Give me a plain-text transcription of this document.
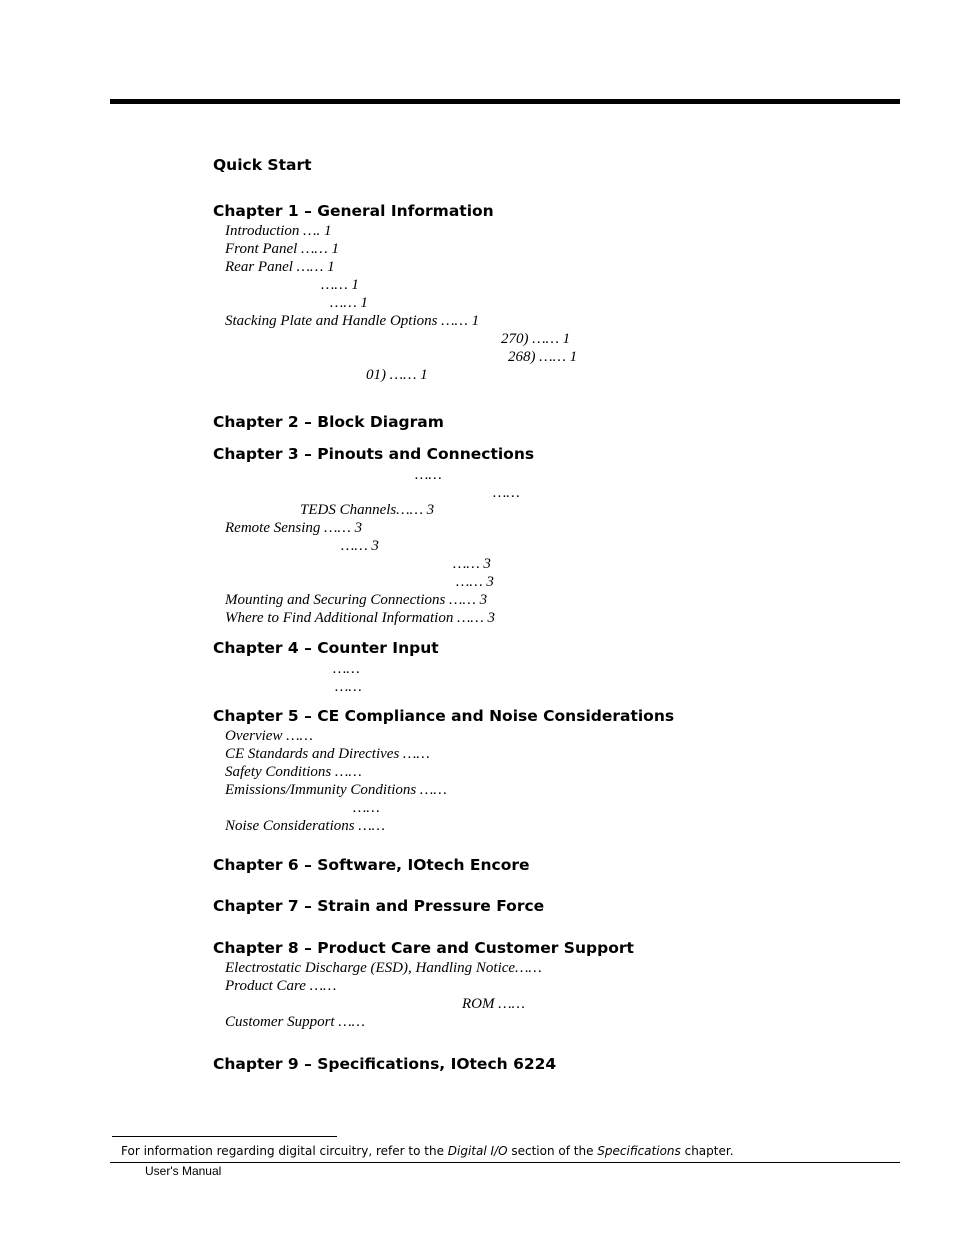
Quick Start
Chapter 1 – General Information
Introduction …. 1
Front Panel …… 1
Rear Panel …… 1
…… 1
…… 1
Stacking Plate and Handle Options …… 1
270) …… 1
268) …… 1
01) …… 1
Chapter 2 – Block Diagram
Chapter 3 – Pinouts and Connections
……
……
TEDS Channels…… 3
Remote Sensing …… 3
…… 3
…… 3
…… 3
Mounting and Securing Connections …… 3
Where to Find Additional Information …… 3
Chapter 4 – Counter Input
……
……
Chapter 5 – CE Compliance and Noise Considerations
Overview ……
CE Standards and Directives ……
Safety Conditions ……
Emissions/Immunity Conditions ……
……
Noise Considerations ……
Chapter 6 – Software, IOtech Encore
Chapter 7 – Strain and Pressure Force
Chapter 8 – Product Care and Customer Support
Electrostatic Discharge (ESD), Handling Notice……
Product Care ……
ROM ……
Customer Support ……
Chapter 9 – Specifications, IOtech 6224
For information regarding digital circuitry, refer to the Digital I/O section of the Specifications chapter.
User's Manual
